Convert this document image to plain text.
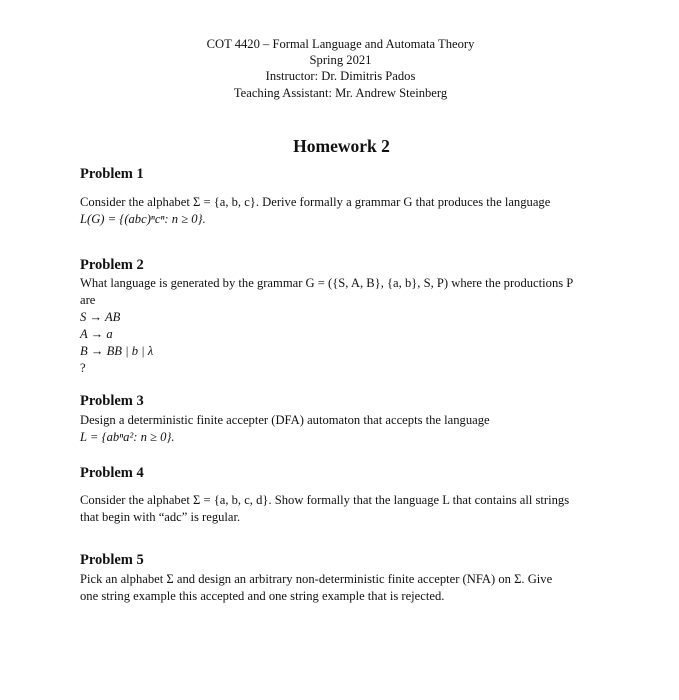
COT 4420 – Formal Language and Automata Theory
Spring 2021
Instructor: Dr. Dimitris Pados
Teaching Assistant: Mr. Andrew Steinberg
Homework 2
Problem 1
Consider the alphabet Σ = {a, b, c}. Derive formally a grammar G that produces the language
L(G) = {(abc)ⁿcⁿ: n ≥ 0}.
Problem 2
What language is generated by the grammar G = ({S, A, B}, {a, b}, S, P) where the productions P
are
S → AB
A → a
B → BB | b | λ
?
Problem 3
Design a deterministic finite accepter (DFA) automaton that accepts the language
L = {abⁿa²: n ≥ 0}.
Problem 4
Consider the alphabet Σ = {a, b, c, d}. Show formally that the language L that contains all strings
that begin with “adc” is regular.
Problem 5
Pick an alphabet Σ and design an arbitrary non-deterministic finite accepter (NFA) on Σ. Give
one string example this accepted and one string example that is rejected.
